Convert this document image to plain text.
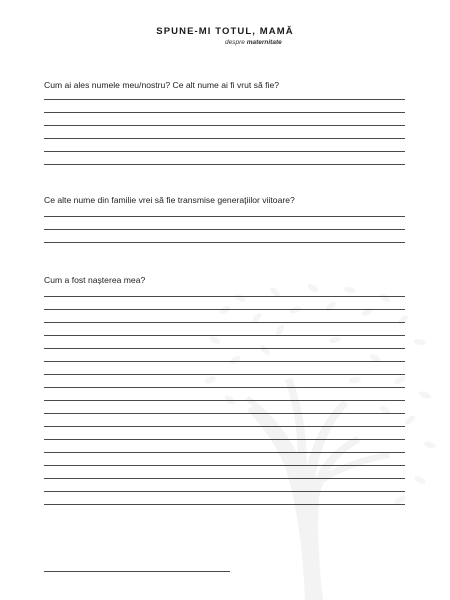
SPUNE-MI TOTUL, MAMĂ
despre maternitate
Cum ai ales numele meu/nostru? Ce alt nume ai fi vrut să fie?
Ce alte nume din familie vrei să fie transmise generațiilor viitoare?
Cum a fost nașterea mea?
